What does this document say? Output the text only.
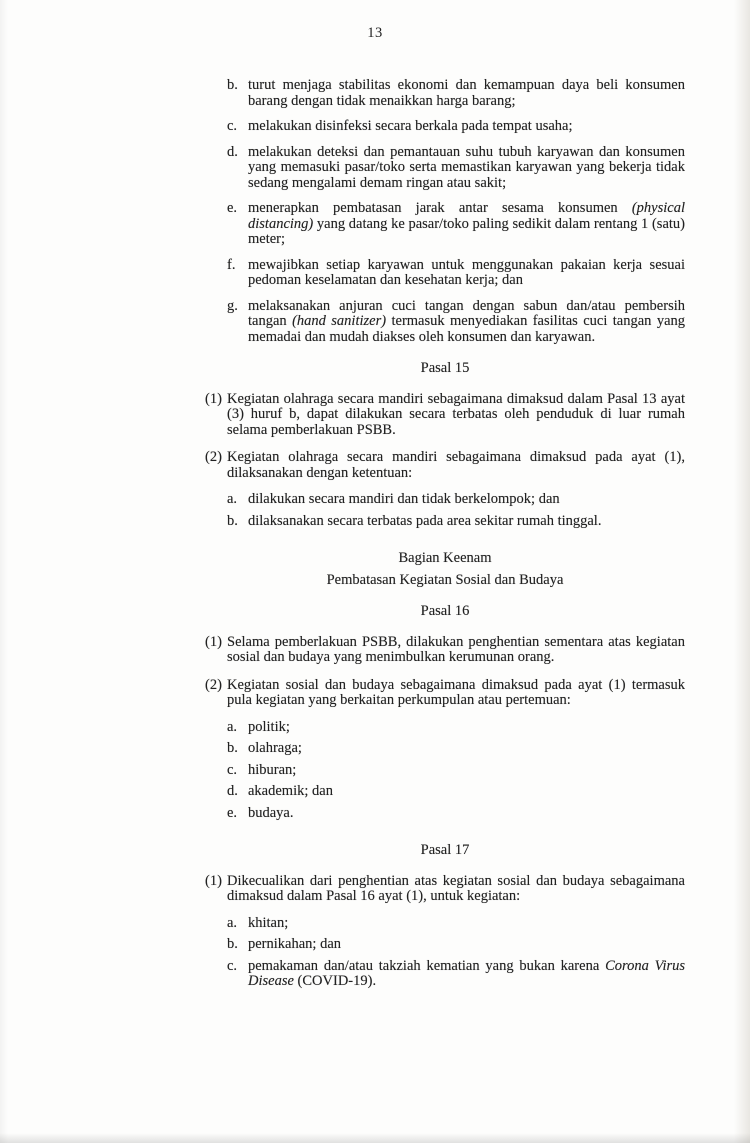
13
b. turut menjaga stabilitas ekonomi dan kemampuan daya beli konsumen barang dengan tidak menaikkan harga barang;
c. melakukan disinfeksi secara berkala pada tempat usaha;
d. melakukan deteksi dan pemantauan suhu tubuh karyawan dan konsumen yang memasuki pasar/toko serta memastikan karyawan yang bekerja tidak sedang mengalami demam ringan atau sakit;
e. menerapkan pembatasan jarak antar sesama konsumen (physical distancing) yang datang ke pasar/toko paling sedikit dalam rentang 1 (satu) meter;
f. mewajibkan setiap karyawan untuk menggunakan pakaian kerja sesuai pedoman keselamatan dan kesehatan kerja; dan
g. melaksanakan anjuran cuci tangan dengan sabun dan/atau pembersih tangan (hand sanitizer) termasuk menyediakan fasilitas cuci tangan yang memadai dan mudah diakses oleh konsumen dan karyawan.
Pasal 15
(1) Kegiatan olahraga secara mandiri sebagaimana dimaksud dalam Pasal 13 ayat (3) huruf b, dapat dilakukan secara terbatas oleh penduduk di luar rumah selama pemberlakuan PSBB.
(2) Kegiatan olahraga secara mandiri sebagaimana dimaksud pada ayat (1), dilaksanakan dengan ketentuan:
a. dilakukan secara mandiri dan tidak berkelompok; dan
b. dilaksanakan secara terbatas pada area sekitar rumah tinggal.
Bagian Keenam
Pembatasan Kegiatan Sosial dan Budaya
Pasal 16
(1) Selama pemberlakuan PSBB, dilakukan penghentian sementara atas kegiatan sosial dan budaya yang menimbulkan kerumunan orang.
(2) Kegiatan sosial dan budaya sebagaimana dimaksud pada ayat (1) termasuk pula kegiatan yang berkaitan perkumpulan atau pertemuan:
a. politik;
b. olahraga;
c. hiburan;
d. akademik; dan
e. budaya.
Pasal 17
(1) Dikecualikan dari penghentian atas kegiatan sosial dan budaya sebagaimana dimaksud dalam Pasal 16 ayat (1), untuk kegiatan:
a. khitan;
b. pernikahan; dan
c. pemakaman dan/atau takziah kematian yang bukan karena Corona Virus Disease (COVID-19).
